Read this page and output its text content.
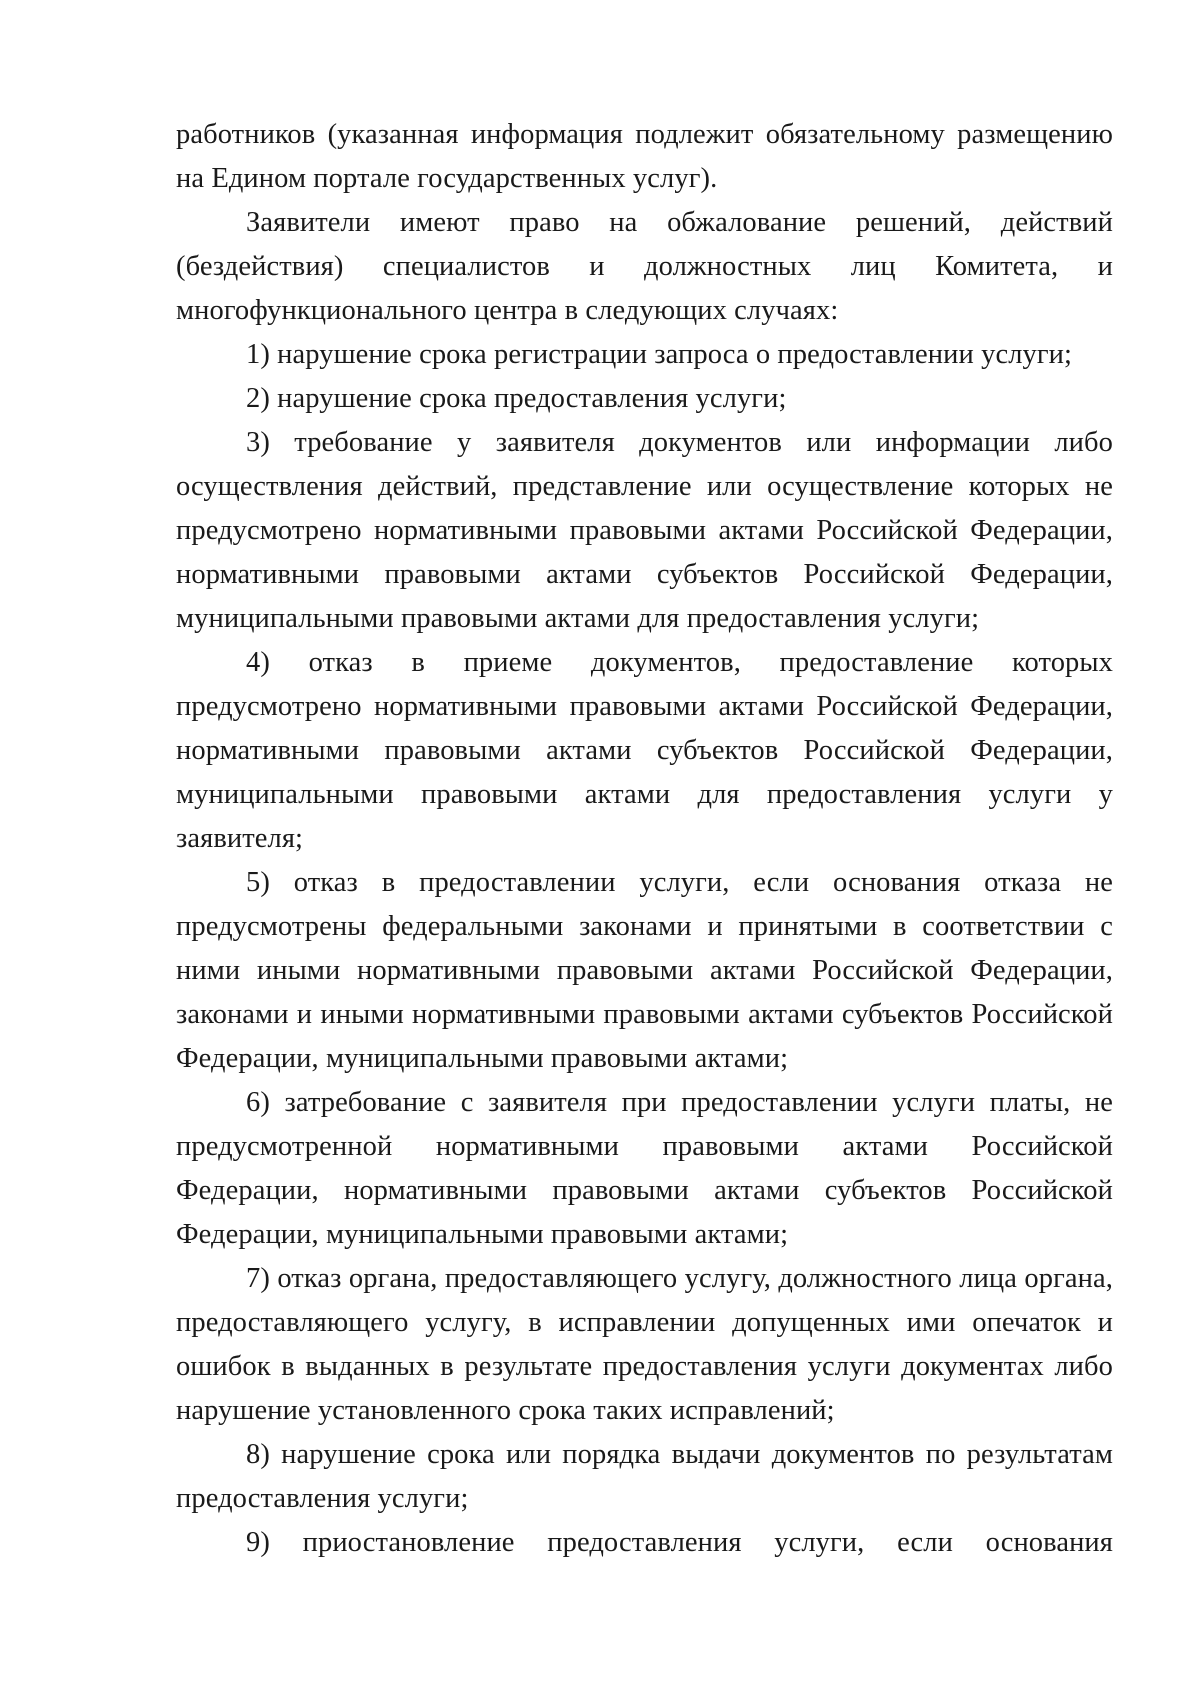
работников (указанная информация подлежит обязательному размещению на Едином портале государственных услуг).

Заявители имеют право на обжалование решений, действий (бездействия) специалистов и должностных лиц Комитета, и многофункционального центра в следующих случаях:

1) нарушение срока регистрации запроса о предоставлении услуги;

2) нарушение срока предоставления услуги;

3) требование у заявителя документов или информации либо осуществления действий, представление или осуществление которых не предусмотрено нормативными правовыми актами Российской Федерации, нормативными правовыми актами субъектов Российской Федерации, муниципальными правовыми актами для предоставления услуги;

4) отказ в приеме документов, предоставление которых предусмотрено нормативными правовыми актами Российской Федерации, нормативными правовыми актами субъектов Российской Федерации, муниципальными правовыми актами для предоставления услуги у заявителя;

5) отказ в предоставлении услуги, если основания отказа не предусмотрены федеральными законами и принятыми в соответствии с ними иными нормативными правовыми актами Российской Федерации, законами и иными нормативными правовыми актами субъектов Российской Федерации, муниципальными правовыми актами;

6) затребование с заявителя при предоставлении услуги платы, не предусмотренной нормативными правовыми актами Российской Федерации, нормативными правовыми актами субъектов Российской Федерации, муниципальными правовыми актами;

7) отказ органа, предоставляющего услугу, должностного лица органа, предоставляющего услугу, в исправлении допущенных ими опечаток и ошибок в выданных в результате предоставления услуги документах либо нарушение установленного срока таких исправлений;

8) нарушение срока или порядка выдачи документов по результатам предоставления услуги;

9) приостановление предоставления услуги, если основания
